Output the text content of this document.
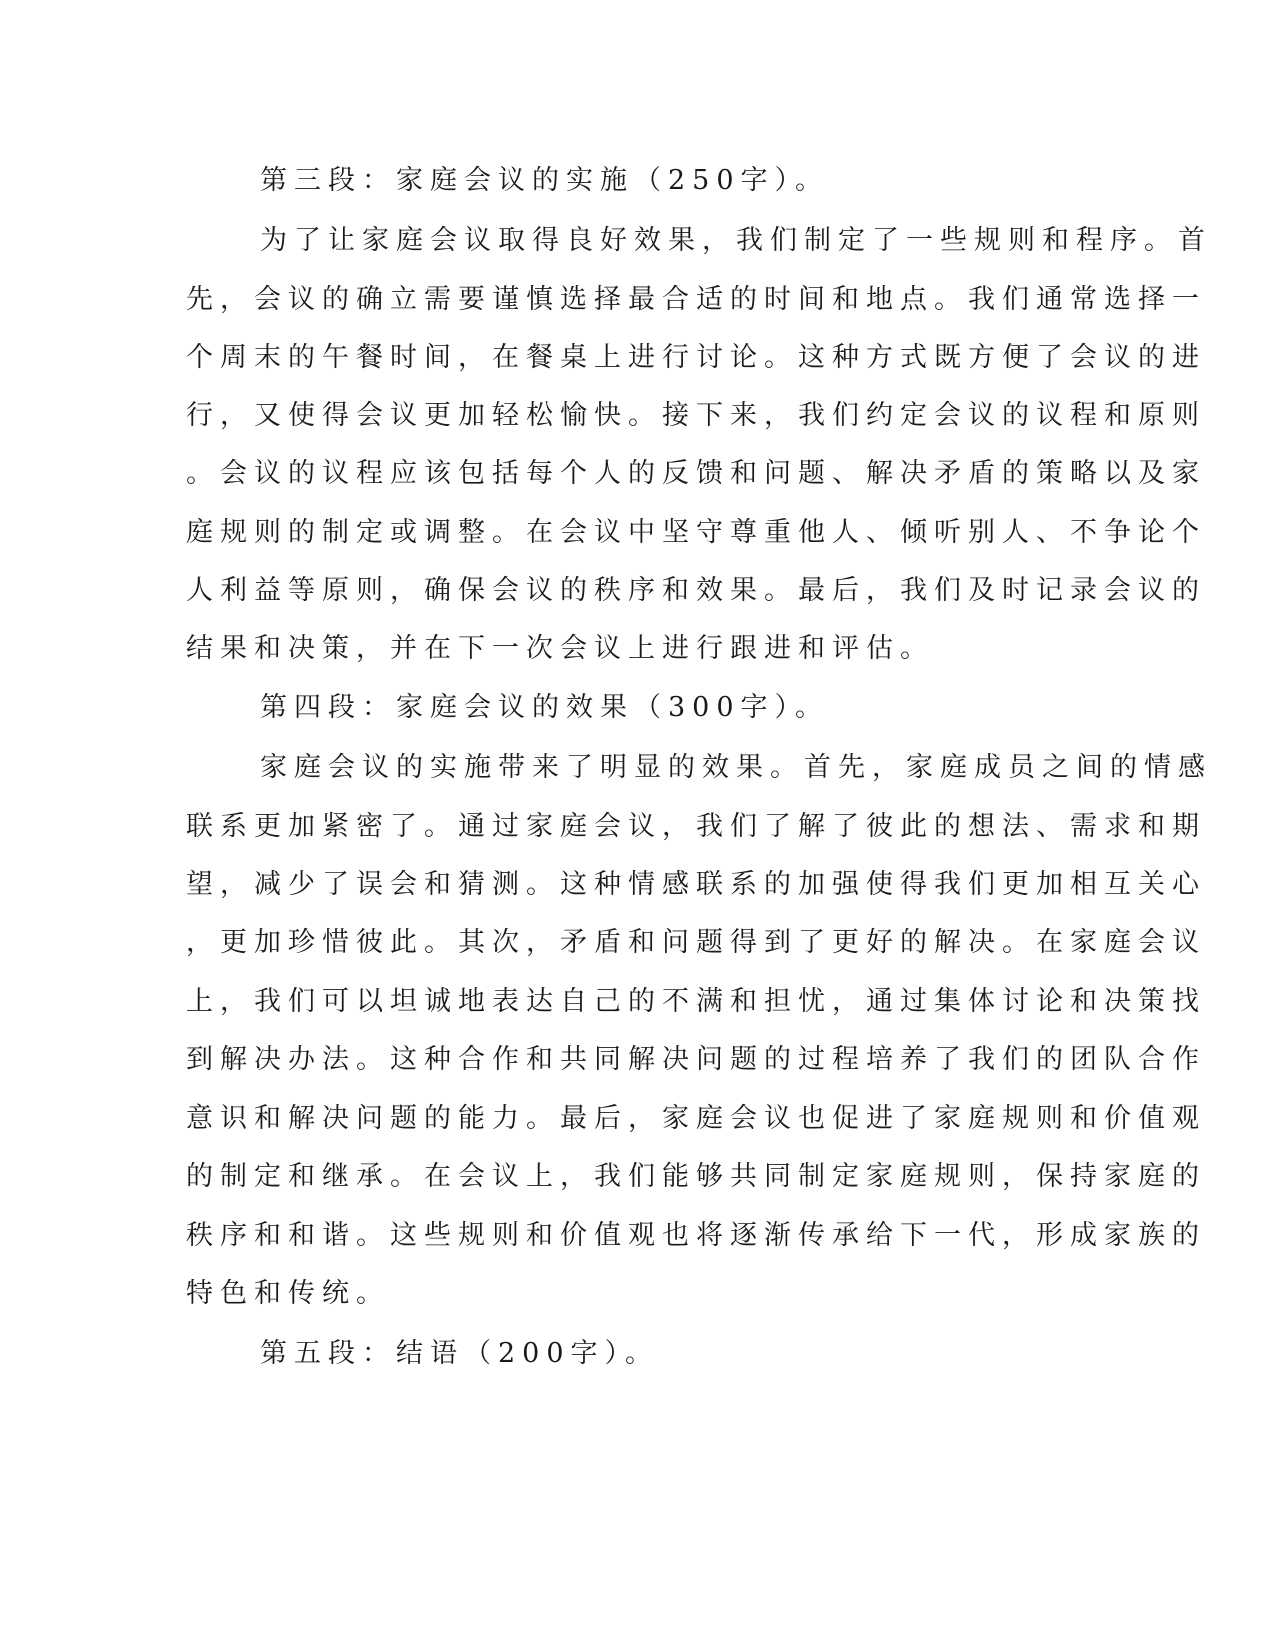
第三段：家庭会议的实施（250字）。
为了让家庭会议取得良好效果，我们制定了一些规则和程序。首
先，会议的确立需要谨慎选择最合适的时间和地点。我们通常选择一
个周末的午餐时间，在餐桌上进行讨论。这种方式既方便了会议的进
行，又使得会议更加轻松愉快。接下来，我们约定会议的议程和原则
。会议的议程应该包括每个人的反馈和问题、解决矛盾的策略以及家
庭规则的制定或调整。在会议中坚守尊重他人、倾听别人、不争论个
人利益等原则，确保会议的秩序和效果。最后，我们及时记录会议的
结果和决策，并在下一次会议上进行跟进和评估。
第四段：家庭会议的效果（300字）。
家庭会议的实施带来了明显的效果。首先，家庭成员之间的情感
联系更加紧密了。通过家庭会议，我们了解了彼此的想法、需求和期
望，减少了误会和猜测。这种情感联系的加强使得我们更加相互关心
，更加珍惜彼此。其次，矛盾和问题得到了更好的解决。在家庭会议
上，我们可以坦诚地表达自己的不满和担忧，通过集体讨论和决策找
到解决办法。这种合作和共同解决问题的过程培养了我们的团队合作
意识和解决问题的能力。最后，家庭会议也促进了家庭规则和价值观
的制定和继承。在会议上，我们能够共同制定家庭规则，保持家庭的
秩序和和谐。这些规则和价值观也将逐渐传承给下一代，形成家族的
特色和传统。
第五段：结语（200字）。
